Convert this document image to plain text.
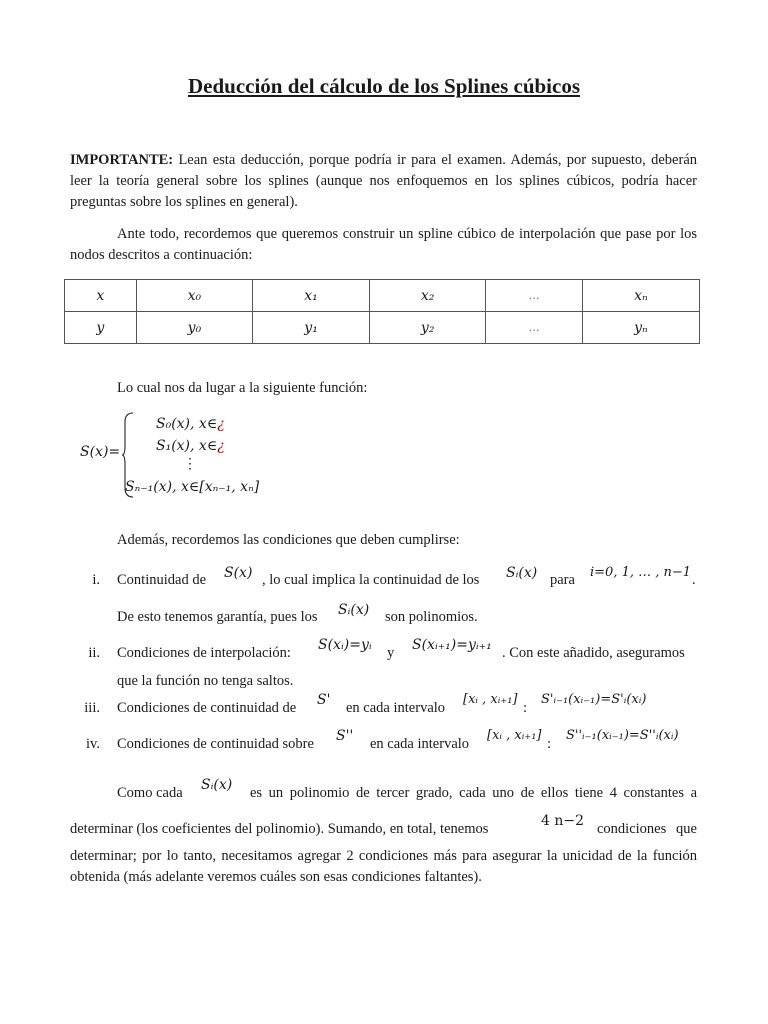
Deducción del cálculo de los Splines cúbicos
IMPORTANTE: Lean esta deducción, porque podría ir para el examen. Además, por supuesto, deberán leer la teoría general sobre los splines (aunque nos enfoquemos en los splines cúbicos, podría hacer preguntas sobre los splines en general).
Ante todo, recordemos que queremos construir un spline cúbico de interpolación que pase por los nodos descritos a continuación:
x	x₀	x₁	x₂	…	xₙ
y	y₀	y₁	y₂	…	yₙ
Lo cual nos da lugar a la siguiente función:
S(x)=
S₀(x), x∈¿
S₁(x), x∈¿
⋮
Sₙ₋₁(x), x∈[xₙ₋₁, xₙ]
Además, recordemos las condiciones que deben cumplirse:
i. Continuidad de S(x) , lo cual implica la continuidad de los Sᵢ(x) para i=0, 1, … , n−1 .
De esto tenemos garantía, pues los Sᵢ(x) son polinomios.
ii. Condiciones de interpolación: S(xᵢ)=yᵢ y S(xᵢ₊₁)=yᵢ₊₁ . Con este añadido, aseguramos
que la función no tenga saltos.
iii. Condiciones de continuidad de S' en cada intervalo
[xᵢ , xᵢ₊₁]
:
S'ᵢ₋₁(xᵢ₋₁)=S'ᵢ(xᵢ)
iv. Condiciones de continuidad sobre S'' en cada intervalo
[xᵢ , xᵢ₊₁]
:
S''ᵢ₋₁(xᵢ₋₁)=S''ᵢ(xᵢ)
Como cada Sᵢ(x) es un polinomio de tercer grado, cada uno de ellos tiene 4 constantes a
determinar (los coeficientes del polinomio). Sumando, en total, tenemos	4 n−2 condiciones que
determinar; por lo tanto, necesitamos agregar 2 condiciones más para asegurar la unicidad de la función obtenida (más adelante veremos cuáles son esas condiciones faltantes).
